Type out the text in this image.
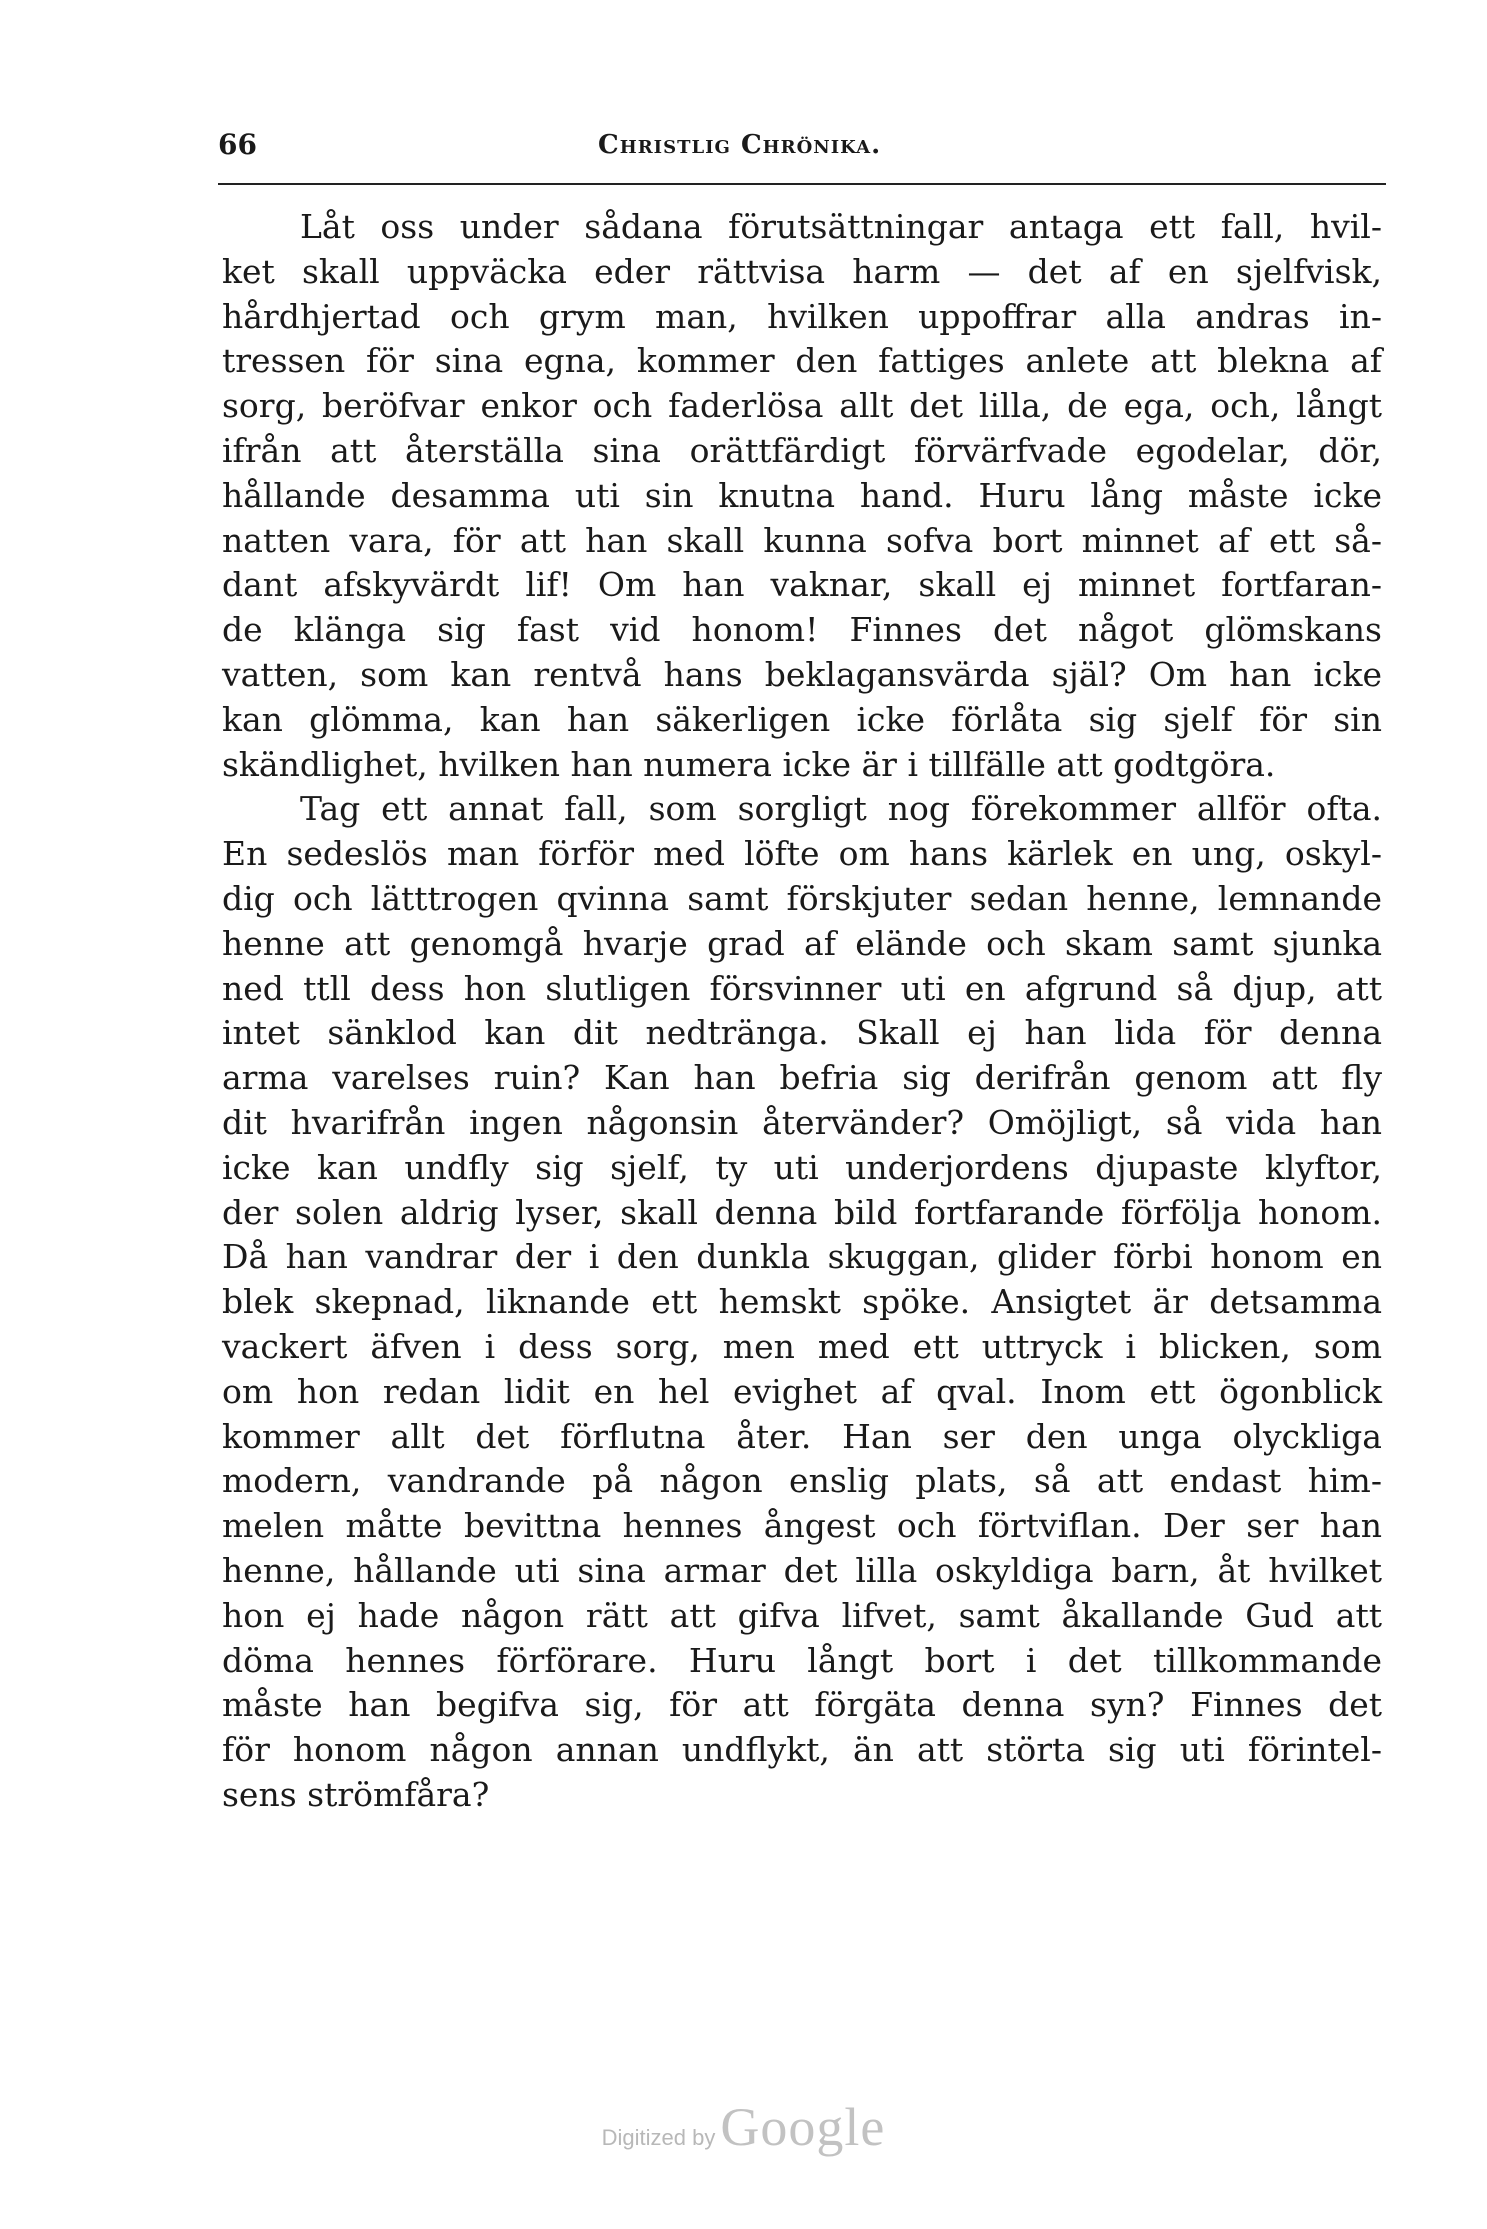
66	Christlig Chrönika.
Låt oss under sådana förutsättningar antaga ett fall, hvil-
ket skall uppväcka eder rättvisa harm — det af en sjelfvisk,
hårdhjertad och grym man, hvilken uppoffrar alla andras in-
tressen för sina egna, kommer den fattiges anlete att blekna af
sorg, beröfvar enkor och faderlösa allt det lilla, de ega, och, långt
ifrån att återställa sina orättfärdigt förvärfvade egodelar, dör,
hållande desamma uti sin knutna hand. Huru lång måste icke
natten vara, för att han skall kunna sofva bort minnet af ett så-
dant afskyvärdt lif! Om han vaknar, skall ej minnet fortfaran-
de klänga sig fast vid honom! Finnes det något glömskans
vatten, som kan rentvå hans beklagansvärda själ? Om han icke
kan glömma, kan han säkerligen icke förlåta sig sjelf för sin
skändlighet, hvilken han numera icke är i tillfälle att godtgöra.
Tag ett annat fall, som sorgligt nog förekommer allför ofta.
En sedeslös man förför med löfte om hans kärlek en ung, oskyl-
dig och lätttrogen qvinna samt förskjuter sedan henne, lemnande
henne att genomgå hvarje grad af elände och skam samt sjunka
ned ttll dess hon slutligen försvinner uti en afgrund så djup, att
intet sänklod kan dit nedtränga. Skall ej han lida för denna
arma varelses ruin? Kan han befria sig derifrån genom att fly
dit hvarifrån ingen någonsin återvänder? Omöjligt, så vida han
icke kan undfly sig sjelf, ty uti underjordens djupaste klyftor,
der solen aldrig lyser, skall denna bild fortfarande förfölja honom.
Då han vandrar der i den dunkla skuggan, glider förbi honom en
blek skepnad, liknande ett hemskt spöke. Ansigtet är detsamma
vackert äfven i dess sorg, men med ett uttryck i blicken, som
om hon redan lidit en hel evighet af qval. Inom ett ögonblick
kommer allt det förflutna åter. Han ser den unga olyckliga
modern, vandrande på någon enslig plats, så att endast him-
melen måtte bevittna hennes ångest och förtviflan. Der ser han
henne, hållande uti sina armar det lilla oskyldiga barn, åt hvilket
hon ej hade någon rätt att gifva lifvet, samt åkallande Gud att
döma hennes förförare. Huru långt bort i det tillkommande
måste han begifva sig, för att förgäta denna syn? Finnes det
för honom någon annan undflykt, än att störta sig uti förintel-
sens strömfåra?
Digitized by Google
